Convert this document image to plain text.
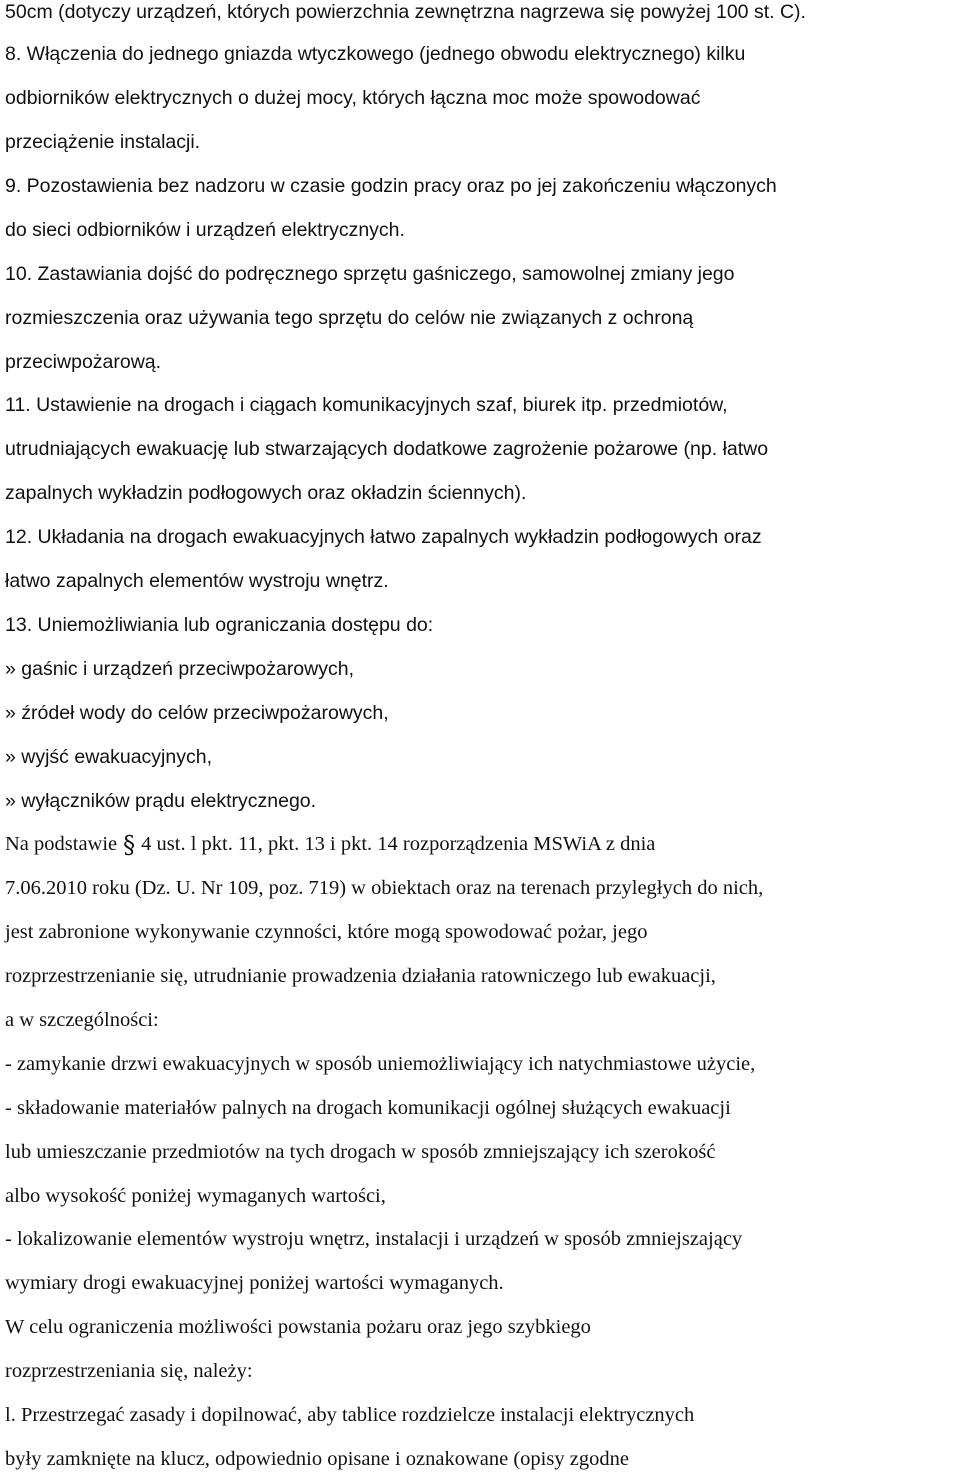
50cm (dotyczy urządzeń, których powierzchnia zewnętrzna nagrzewa się powyżej 100 st. C).
8. Włączenia do jednego gniazda wtyczkowego (jednego obwodu elektrycznego) kilku
odbiorników elektrycznych o dużej mocy, których łączna moc może spowodować
przeciążenie instalacji.
9. Pozostawienia bez nadzoru w czasie godzin pracy oraz po jej zakończeniu włączonych
do sieci odbiorników i urządzeń elektrycznych.
10. Zastawiania dojść do podręcznego sprzętu gaśniczego, samowolnej zmiany jego
rozmieszczenia oraz używania tego sprzętu do celów nie związanych z ochroną
przeciwpożarową.
11. Ustawienie na drogach i ciągach komunikacyjnych szaf, biurek itp. przedmiotów,
utrudniających ewakuację lub stwarzających dodatkowe zagrożenie pożarowe (np. łatwo
zapalnych wykładzin podłogowych oraz okładzin ściennych).
12. Układania na drogach ewakuacyjnych łatwo zapalnych wykładzin podłogowych oraz
łatwo zapalnych elementów wystroju wnętrz.
13. Uniemożliwiania lub ograniczania dostępu do:
» gaśnic i urządzeń przeciwpożarowych,
» źródeł wody do celów przeciwpożarowych,
» wyjść ewakuacyjnych,
» wyłączników prądu elektrycznego.
Na podstawie § 4 ust. l pkt. 11, pkt. 13 i pkt. 14 rozporządzenia MSWiA z dnia
7.06.2010 roku (Dz. U. Nr 109, poz. 719) w obiektach oraz na terenach przyległych do nich,
jest zabronione wykonywanie czynności, które mogą spowodować pożar, jego
rozprzestrzenianie się, utrudnianie prowadzenia działania ratowniczego lub ewakuacji,
a w szczególności:
- zamykanie drzwi ewakuacyjnych w sposób uniemożliwiający ich natychmiastowe użycie,
- składowanie materiałów palnych na drogach komunikacji ogólnej służących ewakuacji
lub umieszczanie przedmiotów na tych drogach w sposób zmniejszający ich szerokość
albo wysokość poniżej wymaganych wartości,
- lokalizowanie elementów wystroju wnętrz, instalacji i urządzeń w sposób zmniejszający
wymiary drogi ewakuacyjnej poniżej wartości wymaganych.
W celu ograniczenia możliwości powstania pożaru oraz jego szybkiego
rozprzestrzeniania się, należy:
l. Przestrzegać zasady i dopilnować, aby tablice rozdzielcze instalacji elektrycznych
były zamknięte na klucz, odpowiednio opisane i oznakowane (opisy zgodne
